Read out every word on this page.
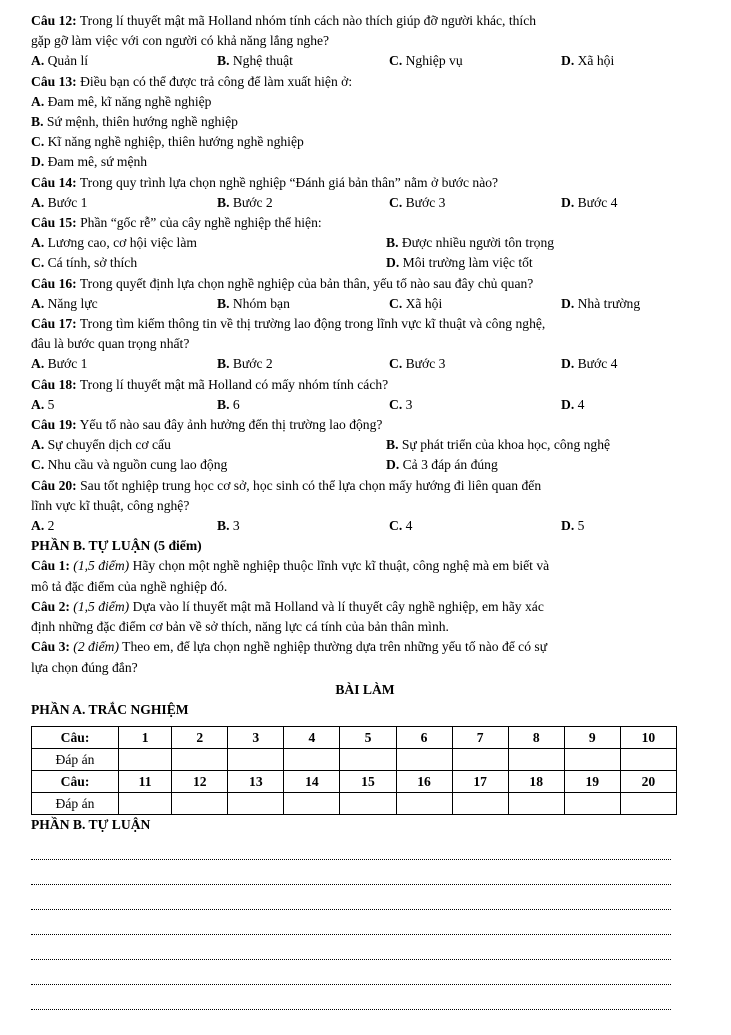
Câu 12: Trong lí thuyết mật mã Holland nhóm tính cách nào thích giúp đỡ người khác, thích
gặp gỡ làm việc với con người có khả năng lắng nghe?
A. Quản lí	B. Nghệ thuật	C. Nghiệp vụ	D. Xã hội
Câu 13: Điều bạn có thể được trả công để làm xuất hiện ở:
A. Đam mê, kĩ năng nghề nghiệp
B. Sứ mệnh, thiên hướng nghề nghiệp
C. Kĩ năng nghề nghiệp, thiên hướng nghề nghiệp
D. Đam mê, sứ mệnh
Câu 14: Trong quy trình lựa chọn nghề nghiệp “Đánh giá bản thân” nằm ở bước nào?
A. Bước 1	B. Bước 2	C. Bước 3	D. Bước 4
Câu 15: Phần “gốc rễ” của cây nghề nghiệp thể hiện:
A. Lương cao, cơ hội việc làm	B. Được nhiều người tôn trọng
C. Cá tính, sở thích	D. Môi trường làm việc tốt
Câu 16: Trong quyết định lựa chọn nghề nghiệp của bản thân, yếu tố nào sau đây chủ quan?
A. Năng lực	B. Nhóm bạn	C. Xã hội	D. Nhà trường
Câu 17: Trong tìm kiếm thông tin về thị trường lao động trong lĩnh vực kĩ thuật và công nghệ,
đâu là bước quan trọng nhất?
A. Bước 1	B. Bước 2	C. Bước 3	D. Bước 4
Câu 18: Trong lí thuyết mật mã Holland có mấy nhóm tính cách?
A. 5	B. 6	C. 3	D. 4
Câu 19: Yếu tố nào sau đây ảnh hưởng đến thị trường lao động?
A. Sự chuyển dịch cơ cấu	B. Sự phát triển của khoa học, công nghệ
C. Nhu cầu và nguồn cung lao động	D. Cả 3 đáp án đúng
Câu 20: Sau tốt nghiệp trung học cơ sở, học sinh có thể lựa chọn mấy hướng đi liên quan đến
lĩnh vực kĩ thuật, công nghệ?
A. 2	B. 3	C. 4	D. 5
PHẦN B. TỰ LUẬN (5 điểm)
Câu 1: (1,5 điểm) Hãy chọn một nghề nghiệp thuộc lĩnh vực kĩ thuật, công nghệ mà em biết và
mô tả đặc điểm của nghề nghiệp đó.
Câu 2: (1,5 điểm) Dựa vào lí thuyết mật mã Holland và lí thuyết cây nghề nghiệp, em hãy xác
định những đặc điểm cơ bản về sở thích, năng lực cá tính của bản thân mình.
Câu 3: (2 điểm) Theo em, để lựa chọn nghề nghiệp thường dựa trên những yếu tố nào để có sự
lựa chọn đúng đắn?
BÀI LÀM
PHẦN A. TRẮC NGHIỆM
Câu:	1	2	3	4	5	6	7	8	9	10
Đáp án										
Câu:	11	12	13	14	15	16	17	18	19	20
Đáp án										
PHẦN B. TỰ LUẬN
